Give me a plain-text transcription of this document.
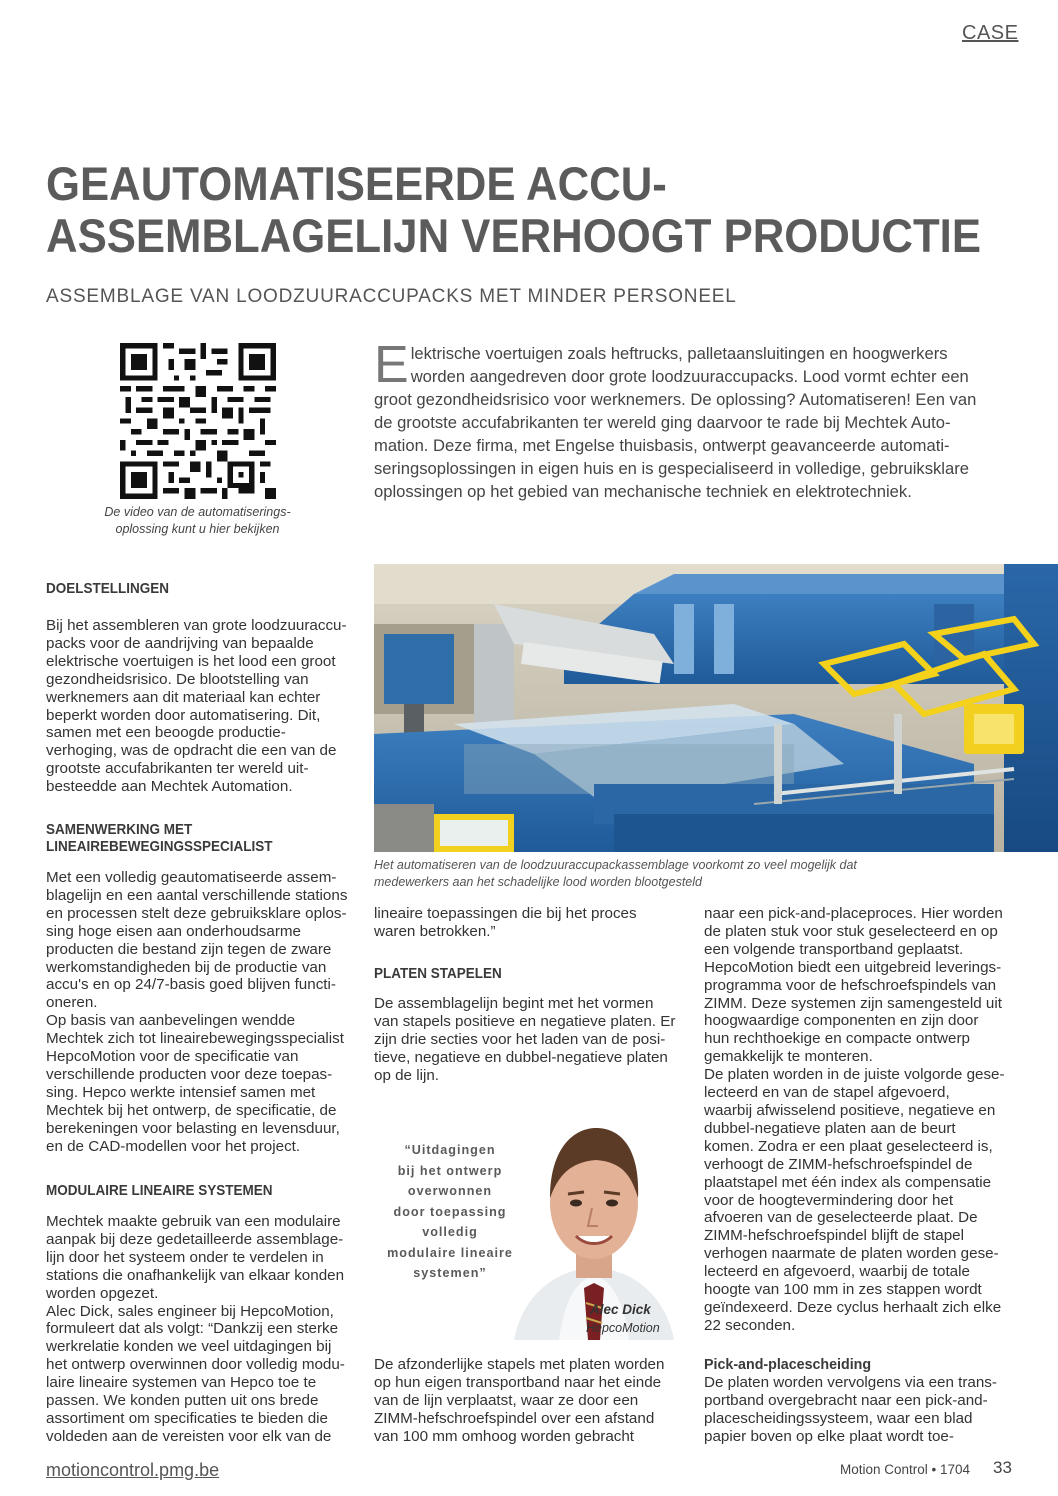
CASE
GEAUTOMATISEERDE ACCU-
ASSEMBLAGELIJN VERHOOGT PRODUCTIE
ASSEMBLAGE VAN LOODZUURACCUPACKS MET MINDER PERSONEEL
De video van de automatiserings-oplossing kunt u hier bekijken
E lektrische voertuigen zoals heftrucks, palletaansluitingen en hoogwerkers
worden aangedreven door grote loodzuuraccupacks. Lood vormt echter een
groot gezondheidsrisico voor werknemers. De oplossing? Automatiseren! Een van
de grootste accufabrikanten ter wereld ging daarvoor te rade bij Mechtek Auto-
mation. Deze firma, met Engelse thuisbasis, ontwerpt geavanceerde automati-
seringsoplossingen in eigen huis en is gespecialiseerd in volledige, gebruiksklare
oplossingen op het gebied van mechanische techniek en elektrotechniek.
DOELSTELLINGEN
Bij het assembleren van grote loodzuuraccu-
packs voor de aandrijving van bepaalde
elektrische voertuigen is het lood een groot
gezondheidsrisico. De blootstelling van
werknemers aan dit materiaal kan echter
beperkt worden door automatisering. Dit,
samen met een beoogde productie-
verhoging, was de opdracht die een van de
grootste accufabrikanten ter wereld uit-
besteedde aan Mechtek Automation.
SAMENWERKING MET
LINEAIREBEWEGINGSSPECIALIST
Met een volledig geautomatiseerde assem-
blagelijn en een aantal verschillende stations
en processen stelt deze gebruiksklare oplos-
sing hoge eisen aan onderhoudsarme
producten die bestand zijn tegen de zware
werkomstandigheden bij de productie van
accu's en op 24/7-basis goed blijven functi-
oneren.
Op basis van aanbevelingen wendde
Mechtek zich tot lineairebewegingsspecialist
HepcoMotion voor de specificatie van
verschillende producten voor deze toepas-
sing. Hepco werkte intensief samen met
Mechtek bij het ontwerp, de specificatie, de
berekeningen voor belasting en levensduur,
en de CAD-modellen voor het project.
MODULAIRE LINEAIRE SYSTEMEN
Mechtek maakte gebruik van een modulaire
aanpak bij deze gedetailleerde assemblage-
lijn door het systeem onder te verdelen in
stations die onafhankelijk van elkaar konden
worden opgezet.
Alec Dick, sales engineer bij HepcoMotion,
formuleert dat als volgt: “Dankzij een sterke
werkrelatie konden we veel uitdagingen bij
het ontwerp overwinnen door volledig modu-
laire lineaire systemen van Hepco toe te
passen. We konden putten uit ons brede
assortiment om specificaties te bieden die
voldeden aan de vereisten voor elk van de
Het automatiseren van de loodzuuraccupackassemblage voorkomt zo veel mogelijk dat medewerkers aan het schadelijke lood worden blootgesteld
lineaire toepassingen die bij het proces
waren betrokken.”
PLATEN STAPELEN
De assemblagelijn begint met het vormen
van stapels positieve en negatieve platen. Er
zijn drie secties voor het laden van de posi-
tieve, negatieve en dubbel-negatieve platen
op de lijn.
“Uitdagingen
bij het ontwerp
overwonnen
door toepassing
volledig
modulaire lineaire
systemen”
Alec Dick
HepcoMotion
De afzonderlijke stapels met platen worden
op hun eigen transportband naar het einde
van de lijn verplaatst, waar ze door een
ZIMM-hefschroefspindel over een afstand
van 100 mm omhoog worden gebracht
naar een pick-and-placeproces. Hier worden
de platen stuk voor stuk geselecteerd en op
een volgende transportband geplaatst.
HepcoMotion biedt een uitgebreid leverings-
programma voor de hefschroefspindels van
ZIMM. Deze systemen zijn samengesteld uit
hoogwaardige componenten en zijn door
hun rechthoekige en compacte ontwerp
gemakkelijk te monteren.
De platen worden in de juiste volgorde gese-
lecteerd en van de stapel afgevoerd,
waarbij afwisselend positieve, negatieve en
dubbel-negatieve platen aan de beurt
komen. Zodra er een plaat geselecteerd is,
verhoogt de ZIMM-hefschroefspindel de
plaatstapel met één index als compensatie
voor de hoogtevermindering door het
afvoeren van de geselecteerde plaat. De
ZIMM-hefschroefspindel blijft de stapel
verhogen naarmate de platen worden gese-
lecteerd en afgevoerd, waarbij de totale
hoogte van 100 mm in zes stappen wordt
geïndexeerd. Deze cyclus herhaalt zich elke
22 seconden.
Pick-and-placescheiding
De platen worden vervolgens via een trans-
portband overgebracht naar een pick-and-
placescheidingssysteem, waar een blad
papier boven op elke plaat wordt toe-
motioncontrol.pmg.be	Motion Control • 1704 33
